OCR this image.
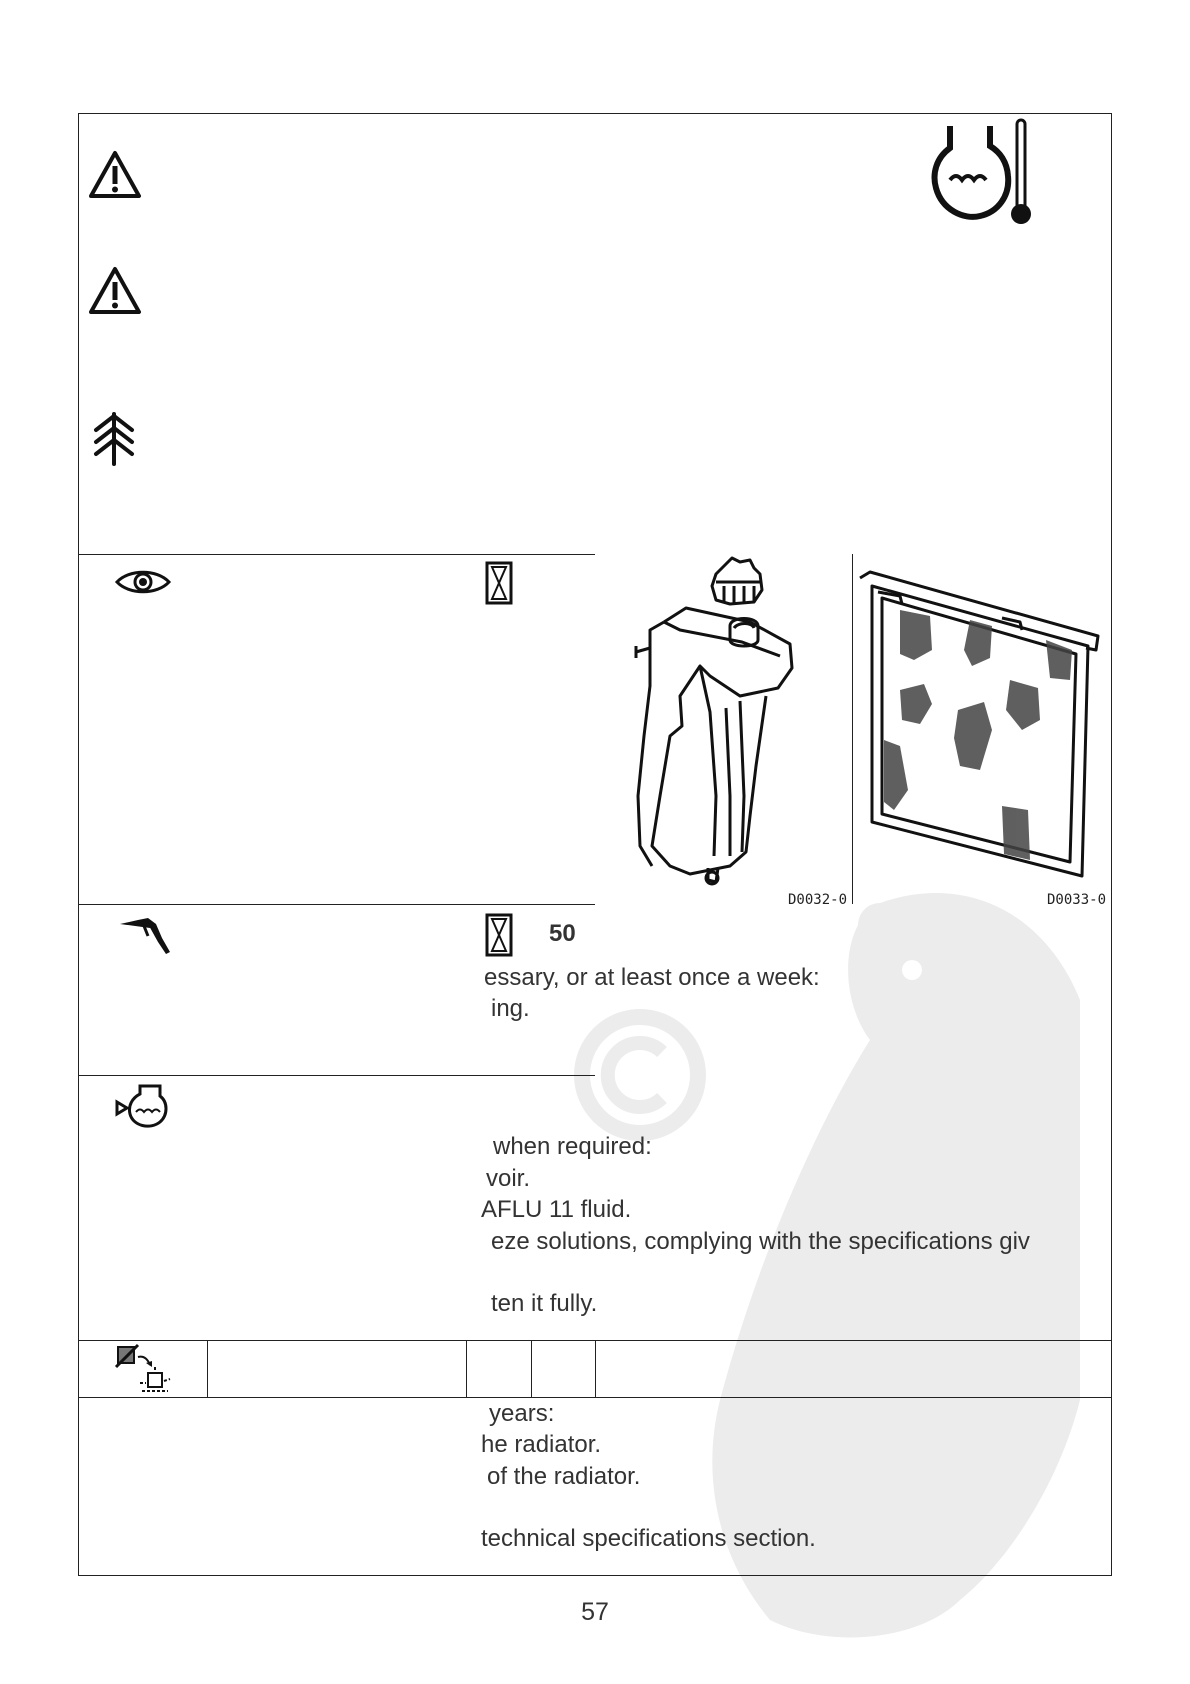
D0032-0	D0033-0
50
essary, or at least once a week:
ing.
when required:
voir.
AFLU 11 fluid.
eze solutions, complying with the specifications giv
ten it fully.
years:
he radiator.
of the radiator.
technical specifications section.
57
